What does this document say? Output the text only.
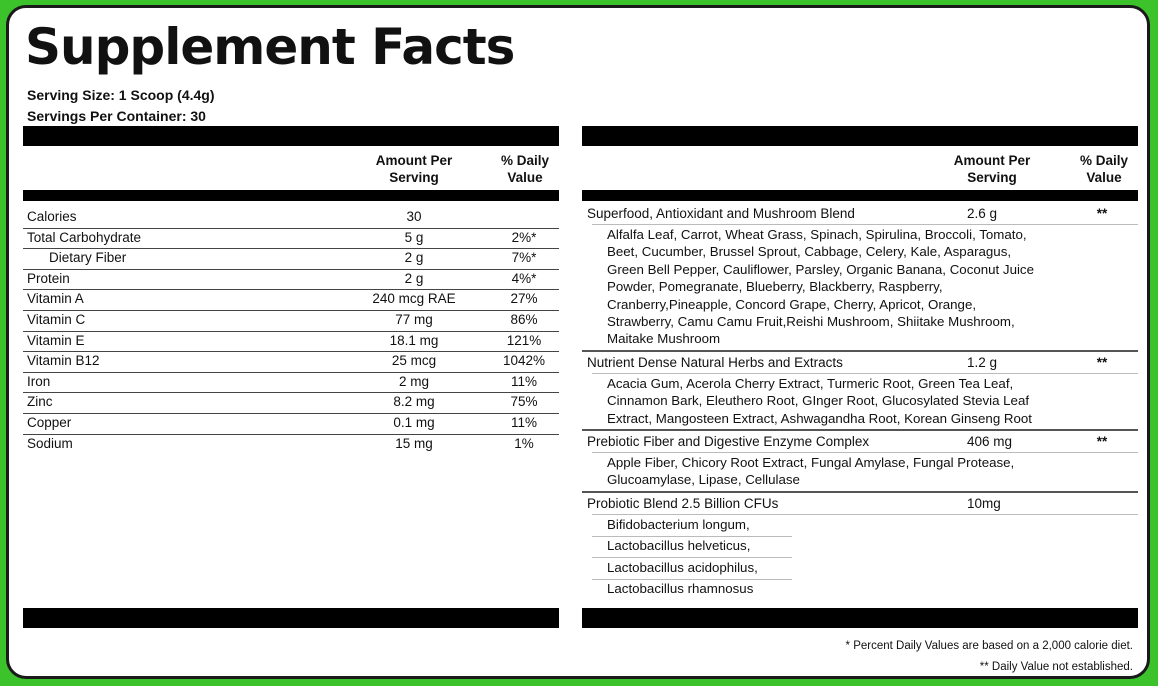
Supplement Facts
Serving Size: 1 Scoop (4.4g)
Servings Per Container: 30
Amount Per Serving
% Daily Value
Calories	30
Total Carbohydrate	5 g	2%*
Dietary Fiber	2 g	7%*
Protein	2 g	4%*
Vitamin A	240 mcg RAE	27%
Vitamin C	77 mg	86%
Vitamin E	18.1 mg	121%
Vitamin B12	25 mcg	1042%
Iron	2 mg	11%
Zinc	8.2 mg	75%
Copper	0.1 mg	11%
Sodium	15 mg	1%
Amount Per Serving
% Daily Value
Superfood, Antioxidant and Mushroom Blend	2.6 g	**
Alfalfa Leaf, Carrot, Wheat Grass, Spinach, Spirulina, Broccoli, Tomato,
Beet, Cucumber, Brussel Sprout, Cabbage, Celery, Kale, Asparagus,
Green Bell Pepper, Cauliflower, Parsley, Organic Banana, Coconut Juice
Powder, Pomegranate, Blueberry, Blackberry, Raspberry,
Cranberry,Pineapple, Concord Grape, Cherry, Apricot, Orange,
Strawberry, Camu Camu Fruit,Reishi Mushroom, Shiitake Mushroom,
Maitake Mushroom
Nutrient Dense Natural Herbs and Extracts	1.2 g	**
Acacia Gum, Acerola Cherry Extract, Turmeric Root, Green Tea Leaf,
Cinnamon Bark, Eleuthero Root, GInger Root, Glucosylated Stevia Leaf
Extract, Mangosteen Extract, Ashwagandha Root, Korean Ginseng Root
Prebiotic Fiber and Digestive Enzyme Complex	406 mg	**
Apple Fiber, Chicory Root Extract, Fungal Amylase, Fungal Protease,
Glucoamylase, Lipase, Cellulase
Probiotic Blend 2.5 Billion CFUs	10mg
Bifidobacterium longum,
Lactobacillus helveticus,
Lactobacillus acidophilus,
Lactobacillus rhamnosus
* Percent Daily Values are based on a 2,000 calorie diet.
** Daily Value not established.
